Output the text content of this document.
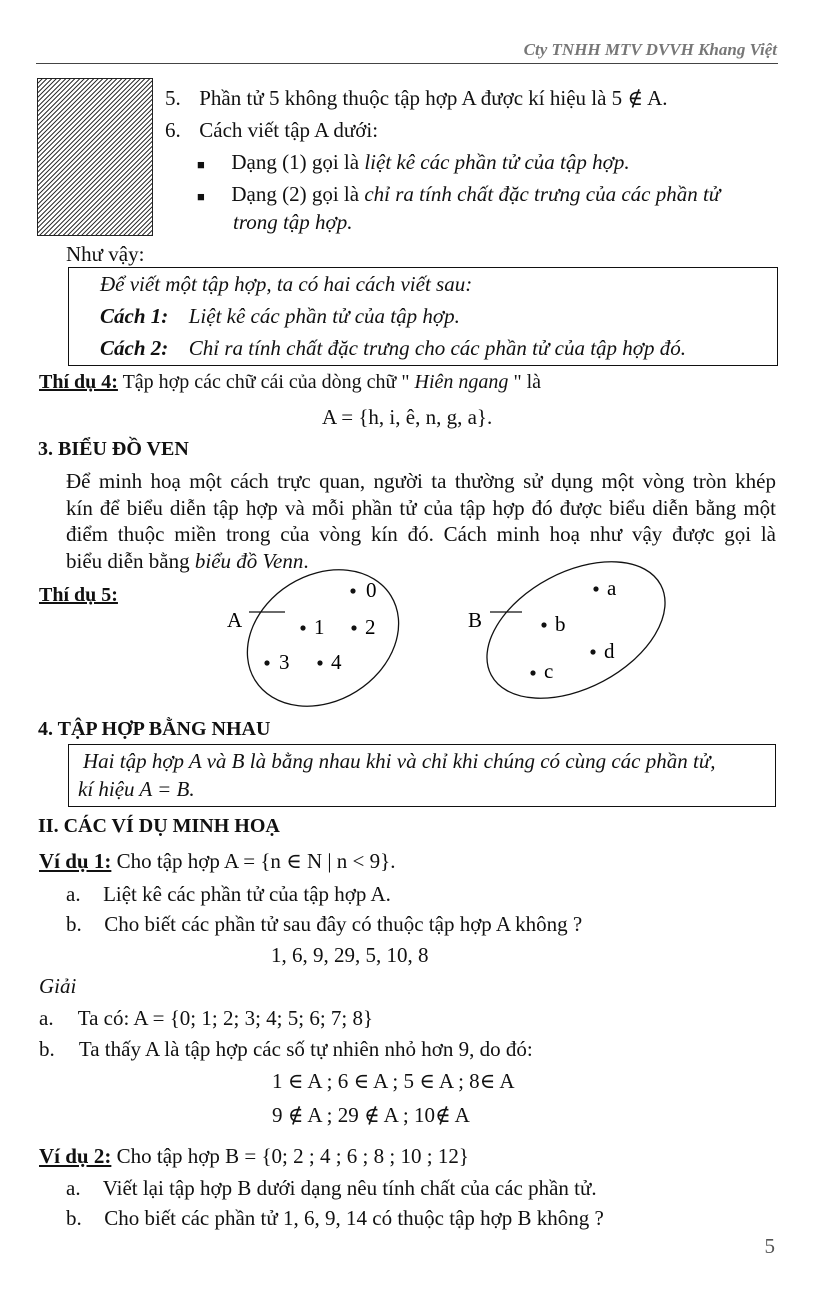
Cty TNHH MTV DVVH Khang Việt
5. Phần tử 5 không thuộc tập hợp A được kí hiệu là 5 ∉ A.
6. Cách viết tập A dưới:
■ Dạng (1) gọi là liệt kê các phần tử của tập hợp.
■ Dạng (2) gọi là chỉ ra tính chất đặc trưng của các phần tử
trong tập hợp.
Như vậy:
Để viết một tập hợp, ta có hai cách viết sau:
Cách 1: Liệt kê các phần tử của tập hợp.
Cách 2: Chỉ ra tính chất đặc trưng cho các phần tử của tập hợp đó.
Thí dụ 4: Tập hợp các chữ cái của dòng chữ " Hiên ngang " là
A = {h, i, ê, n, g, a}.
3. BIỂU ĐỒ VEN
Để minh hoạ một cách trực quan, người ta thường sử dụng một vòng tròn khép
kín để biểu diễn tập hợp và mỗi phần tử của tập hợp đó được biểu diễn bằng một
điểm thuộc miền trong của vòng kín đó. Cách minh hoạ như vậy được gọi là
biểu diễn bằng biểu đồ Venn.
Thí dụ 5:
A
0
1 2
3 4
B
a
b
d
c
4. TẬP HỢP BẰNG NHAU
Hai tập hợp A và B là bằng nhau khi và chỉ khi chúng có cùng các phần tử,
kí hiệu A = B.
II. CÁC VÍ DỤ MINH HOẠ
Ví dụ 1: Cho tập hợp A = {n ∈ N | n < 9}.
a. Liệt kê các phần tử của tập hợp A.
b. Cho biết các phần tử sau đây có thuộc tập hợp A không ?
1, 6, 9, 29, 5, 10, 8
Giải
a. Ta có: A = {0; 1; 2; 3; 4; 5; 6; 7; 8}
b. Ta thấy A là tập hợp các số tự nhiên nhỏ hơn 9, do đó:
1 ∈ A ; 6 ∈ A ; 5 ∈ A ; 8∈ A
9 ∉ A ; 29 ∉ A ; 10∉ A
Ví dụ 2: Cho tập hợp B = {0; 2 ; 4 ; 6 ; 8 ; 10 ; 12}
a. Viết lại tập hợp B dưới dạng nêu tính chất của các phần tử.
b. Cho biết các phần tử 1, 6, 9, 14 có thuộc tập hợp B không ?
5
